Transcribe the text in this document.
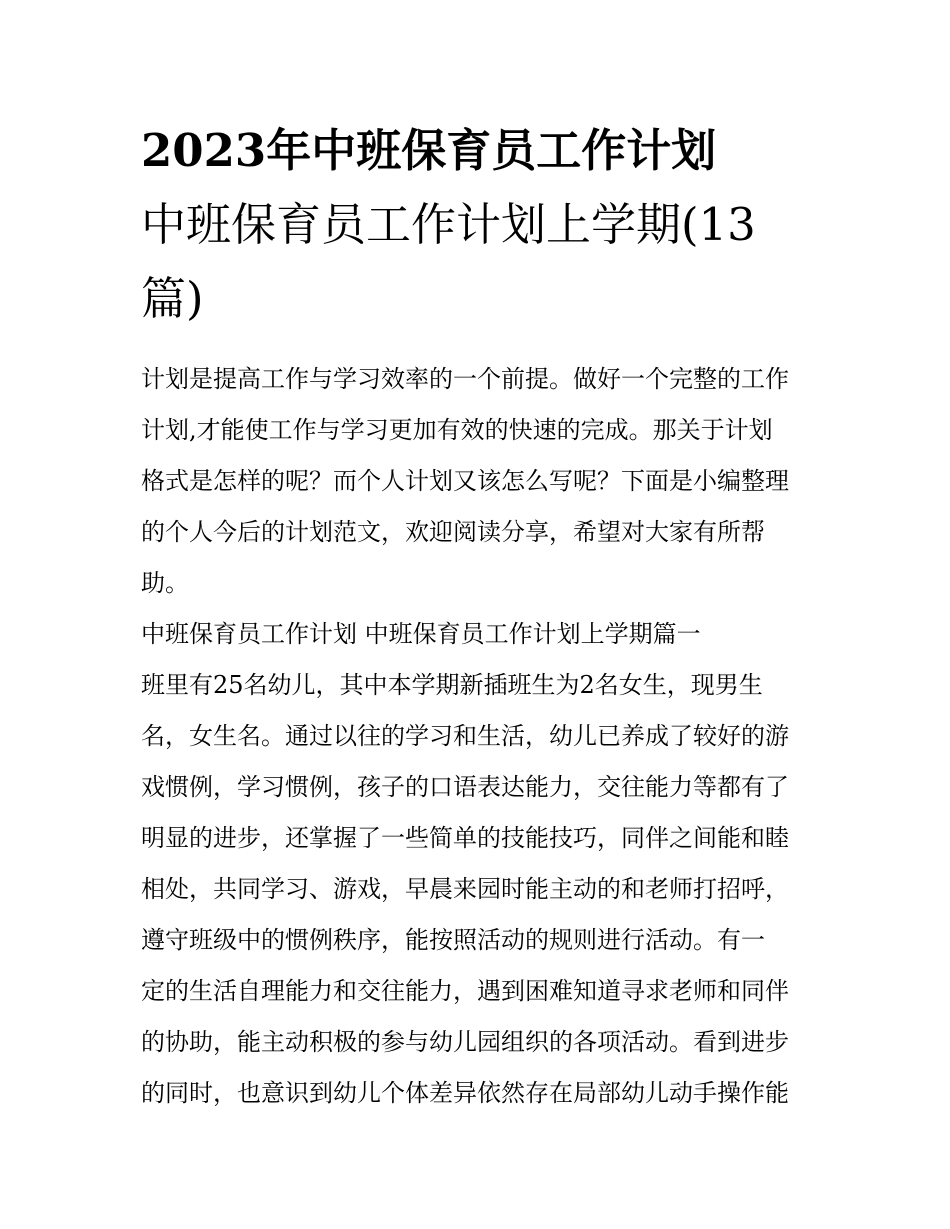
2023年中班保育员工作计划
中班保育员工作计划上学期(13
篇)
计划是提高工作与学习效率的一个前提。做好一个完整的工作
计划,才能使工作与学习更加有效的快速的完成。那关于计划
格式是怎样的呢？而个人计划又该怎么写呢？下面是小编整理
的个人今后的计划范文，欢迎阅读分享，希望对大家有所帮
助。
中班保育员工作计划 中班保育员工作计划上学期篇一
班里有25名幼儿，其中本学期新插班生为2名女生，现男生
名，女生名。通过以往的学习和生活，幼儿已养成了较好的游
戏惯例，学习惯例，孩子的口语表达能力，交往能力等都有了
明显的进步，还掌握了一些简单的技能技巧，同伴之间能和睦
相处，共同学习、游戏，早晨来园时能主动的和老师打招呼，
遵守班级中的惯例秩序，能按照活动的规则进行活动。有一
定的生活自理能力和交往能力，遇到困难知道寻求老师和同伴
的协助，能主动积极的参与幼儿园组织的各项活动。看到进步
的同时，也意识到幼儿个体差异依然存在局部幼儿动手操作能
